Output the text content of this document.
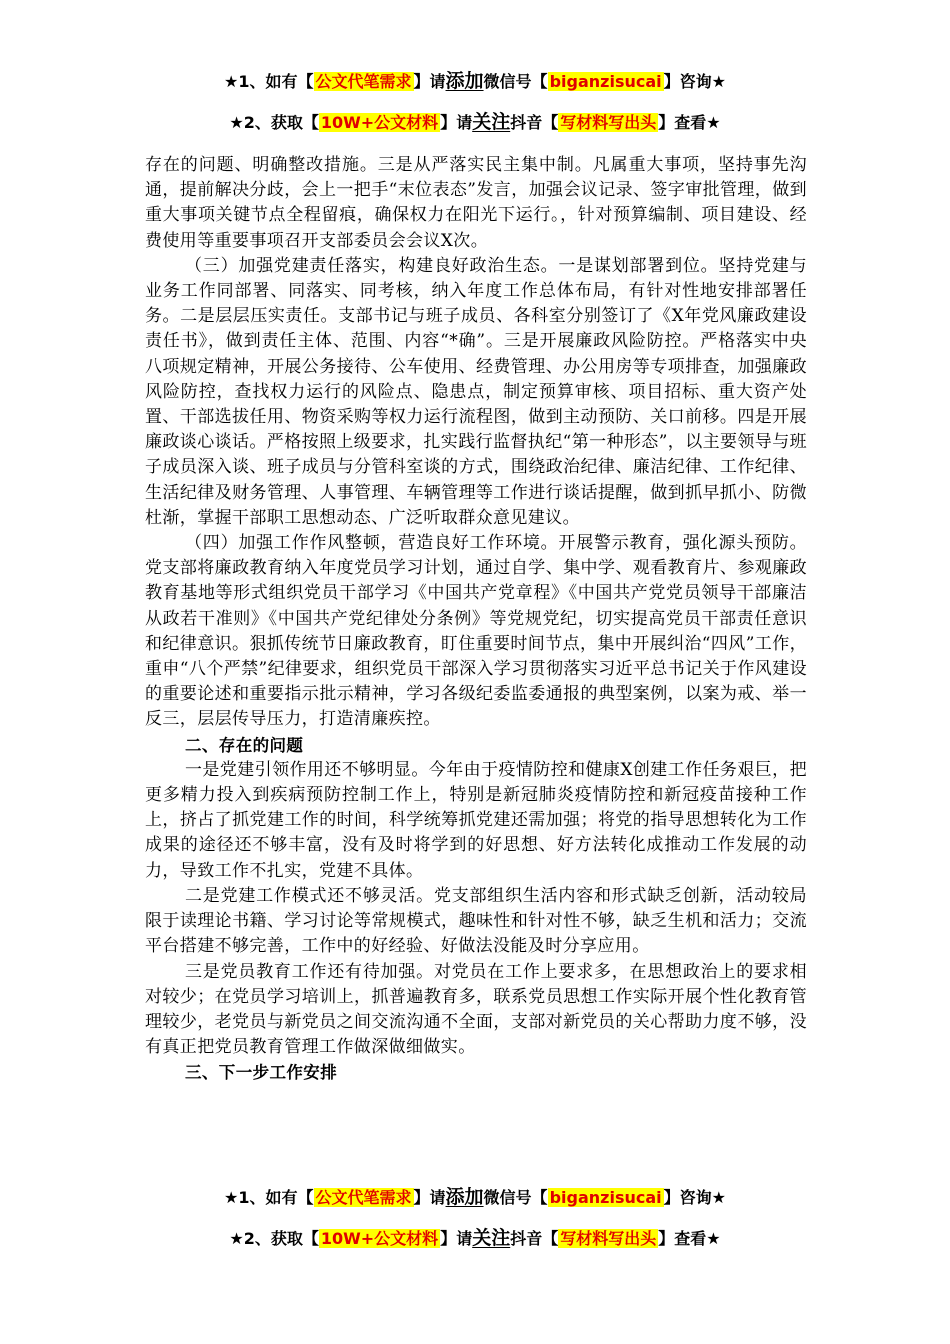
★1、如有【 公文代笔需求 】请添加微信号【 biganzisucai 】咨询★
★2、获取【 10W+公文材料 】请关注抖音【 写材料写出头 】查看★

存在的问题、明确整改措施。三是从严落实民主集中制。凡属重大事项，坚持事先沟通，提前解决分歧，会上一把手“末位表态”发言，加强会议记录、签字审批管理，做到重大事项关键节点全程留痕，确保权力在阳光下运行。，针对预算编制、项目建设、经费使用等重要事项召开支部委员会会议X次。

（三）加强党建责任落实，构建良好政治生态。一是谋划部署到位。坚持党建与业务工作同部署、同落实、同考核，纳入年度工作总体布局，有针对性地安排部署任务。二是层层压实责任。支部书记与班子成员、各科室分别签订了《X年党风廉政建设责任书》，做到责任主体、范围、内容“*确”。三是开展廉政风险防控。严格落实中央八项规定精神，开展公务接待、公车使用、经费管理、办公用房等专项排查，加强廉政风险防控，查找权力运行的风险点、隐患点，制定预算审核、项目招标、重大资产处置、干部选拔任用、物资采购等权力运行流程图，做到主动预防、关口前移。四是开展廉政谈心谈话。严格按照上级要求，扎实践行监督执纪“第一种形态”，以主要领导与班子成员深入谈、班子成员与分管科室谈的方式，围绕政治纪律、廉洁纪律、工作纪律、生活纪律及财务管理、人事管理、车辆管理等工作进行谈话提醒，做到抓早抓小、防微杜渐，掌握干部职工思想动态、广泛听取群众意见建议。

（四）加强工作作风整顿，营造良好工作环境。开展警示教育，强化源头预防。党支部将廉政教育纳入年度党员学习计划，通过自学、集中学、观看教育片、参观廉政教育基地等形式组织党员干部学习《中国共产党章程》《中国共产党党员领导干部廉洁从政若干准则》《中国共产党纪律处分条例》等党规党纪，切实提高党员干部责任意识和纪律意识。狠抓传统节日廉政教育，盯住重要时间节点，集中开展纠治“四风”工作，重申“八个严禁”纪律要求，组织党员干部深入学习贯彻落实习近平总书记关于作风建设的重要论述和重要指示批示精神，学习各级纪委监委通报的典型案例，以案为戒、举一反三，层层传导压力，打造清廉疾控。

二、存在的问题

一是党建引领作用还不够明显。今年由于疫情防控和健康X创建工作任务艰巨，把更多精力投入到疾病预防控制工作上，特别是新冠肺炎疫情防控和新冠疫苗接种工作上，挤占了抓党建工作的时间，科学统筹抓党建还需加强；将党的指导思想转化为工作成果的途径还不够丰富，没有及时将学到的好思想、好方法转化成推动工作发展的动力，导致工作不扎实，党建不具体。

二是党建工作模式还不够灵活。党支部组织生活内容和形式缺乏创新，活动较局限于读理论书籍、学习讨论等常规模式，趣味性和针对性不够，缺乏生机和活力；交流平台搭建不够完善，工作中的好经验、好做法没能及时分享应用。

三是党员教育工作还有待加强。对党员在工作上要求多，在思想政治上的要求相对较少；在党员学习培训上，抓普遍教育多，联系党员思想工作实际开展个性化教育管理较少，老党员与新党员之间交流沟通不全面，支部对新党员的关心帮助力度不够，没有真正把党员教育管理工作做深做细做实。

三、下一步工作安排

★1、如有【 公文代笔需求 】请添加微信号【 biganzisucai 】咨询★
★2、获取【 10W+公文材料 】请关注抖音【 写材料写出头 】查看★
